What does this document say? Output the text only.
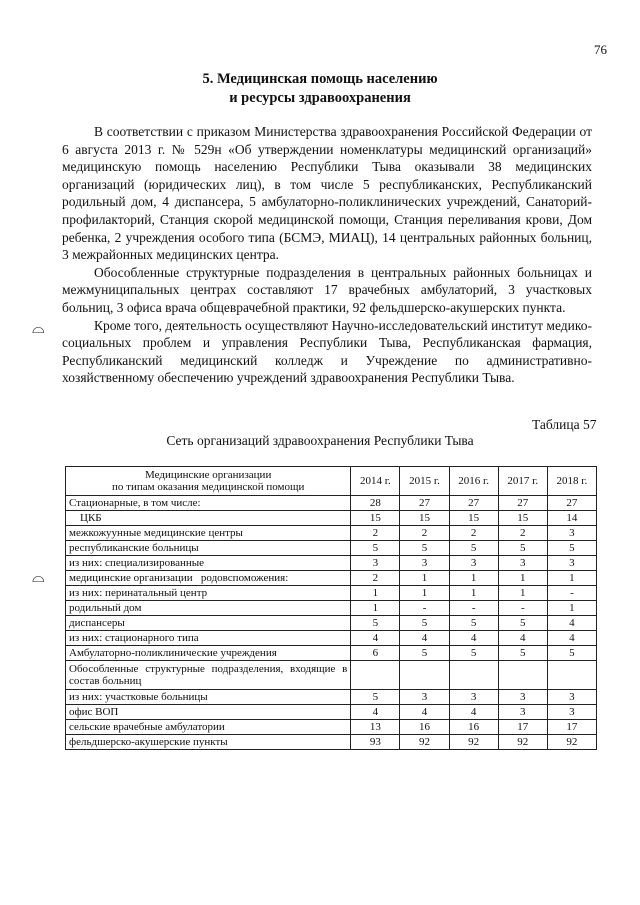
76
5. Медицинская помощь населению
и ресурсы здравоохранения

В соответствии с приказом Министерства здравоохранения Российской Федерации от 6 августа 2013 г. № 529н «Об утверждении номенклатуры медицинский организаций» медицинскую помощь населению Республики Тыва оказывали 38 медицинских организаций (юридических лиц), в том числе 5 республиканских, Республиканский родильный дом, 4 диспансера, 5 амбулаторно-поликлинических учреждений, Санаторий-профилакторий, Станция скорой медицинской помощи, Станция переливания крови, Дом ребенка, 2 учреждения особого типа (БСМЭ, МИАЦ), 14 центральных районных больниц, 3 межрайонных медицинских центра.

Обособленные структурные подразделения в центральных районных больницах и межмуниципальных центрах составляют 17 врачебных амбулаторий, 3 участковых больниц, 3 офиса врача общеврачебной практики, 92 фельдшерско-акушерских пункта.

Кроме того, деятельность осуществляют Научно-исследовательский институт медико-социальных проблем и управления Республики Тыва, Республиканская фармация, Республиканский медицинский колледж и Учреждение по административно-хозяйственному обеспечению учреждений здравоохранения Республики Тыва.

⌓
⌓
Таблица 57
Сеть организаций здравоохранения Республики Тыва
Медицинские организации
по типам оказания медицинской помощи	2014 г.	2015 г.	2016 г.	2017 г.	2018 г.
Стационарные, в том числе:	28	27	27	27	27
ЦКБ	15	15	15	15	14
межкожуунные медицинские центры	2	2	2	2	3
республиканские больницы	5	5	5	5	5
из них: специализированные	3	3	3	3	3
медицинские организации   родовспоможения:	2	1	1	1	1
из них: перинатальный центр	1	1	1	1	-
родильный дом	1	-	-	-	1
диспансеры	5	5	5	5	4
из них: стационарного типа	4	4	4	4	4
Амбулаторно-поликлинические учреждения	6	5	5	5	5
Обособленные структурные подразделения, входящие в состав больниц					
из них: участковые больницы	5	3	3	3	3
офис ВОП	4	4	4	3	3
сельские врачебные амбулатории	13	16	16	17	17
фельдшерско-акушерские пункты	93	92	92	92	92
